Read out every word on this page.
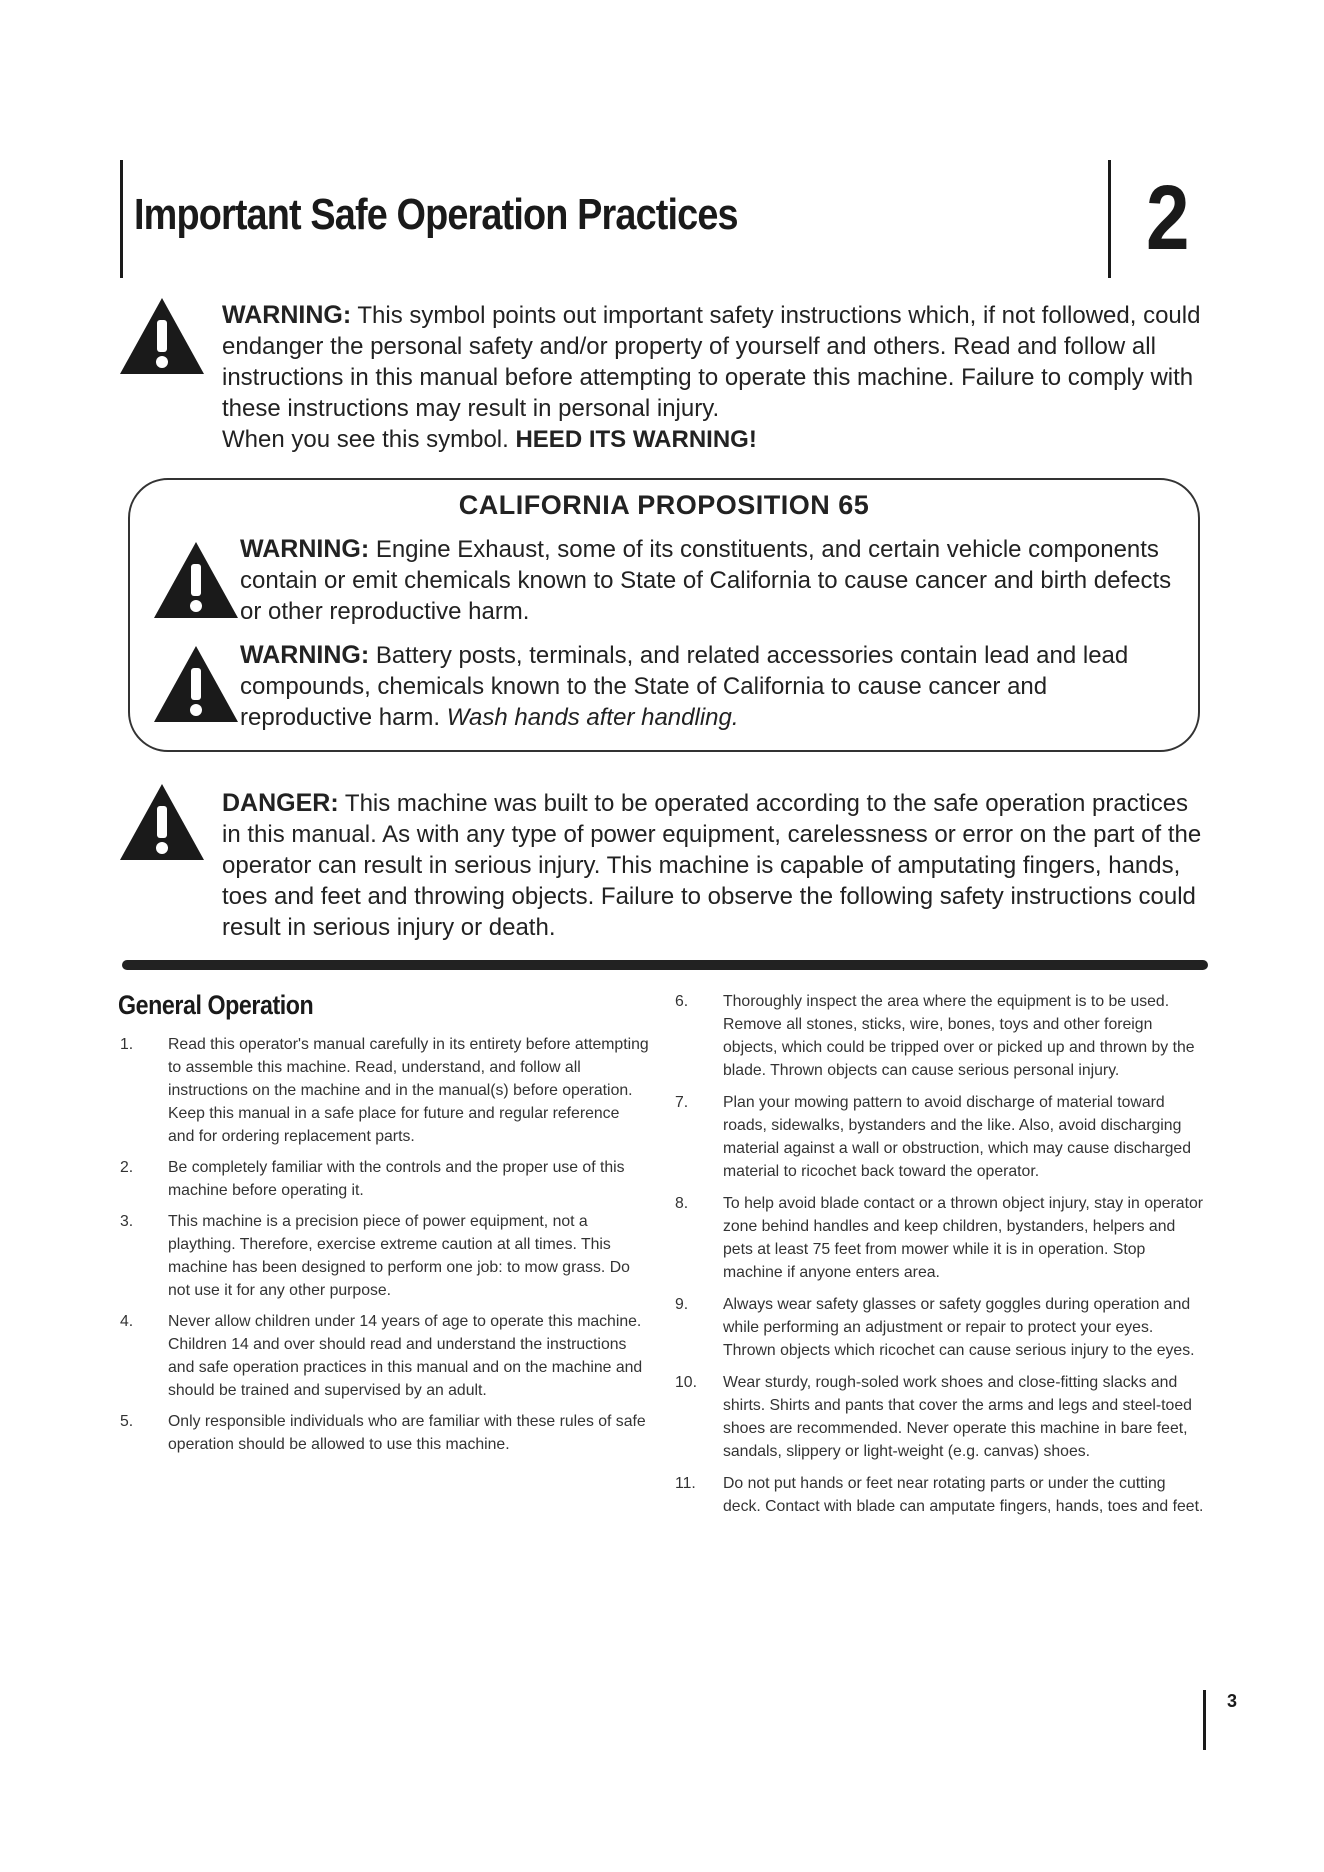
Important Safe Operation Practices	2
WARNING: This symbol points out important safety instructions which, if not followed, could endanger the personal safety and/or property of yourself and others. Read and follow all instructions in this manual before attempting to operate this machine. Failure to comply with these instructions may result in personal injury.
When you see this symbol. HEED ITS WARNING!
CALIFORNIA PROPOSITION 65
WARNING: Engine Exhaust, some of its constituents, and certain vehicle components contain or emit chemicals known to State of California to cause cancer and birth defects or other reproductive harm.
WARNING: Battery posts, terminals, and related accessories contain lead and lead compounds, chemicals known to the State of California to cause cancer and reproductive harm. Wash hands after handling.
DANGER: This machine was built to be operated according to the safe operation practices in this manual. As with any type of power equipment, carelessness or error on the part of the operator can result in serious injury. This machine is capable of amputating fingers, hands, toes and feet and throwing objects. Failure to observe the following safety instructions could result in serious injury or death.
General Operation
1.	Read this operator's manual carefully in its entirety before attempting to assemble this machine. Read, understand, and follow all instructions on the machine and in the manual(s) before operation. Keep this manual in a safe place for future and regular reference and for ordering replacement parts.
2.	Be completely familiar with the controls and the proper use of this machine before operating it.
3.	This machine is a precision piece of power equipment, not a plaything. Therefore, exercise extreme caution at all times. This machine has been designed to perform one job: to mow grass. Do not use it for any other purpose.
4.	Never allow children under 14 years of age to operate this machine. Children 14 and over should read and understand the instructions and safe operation practices in this manual and on the machine and should be trained and supervised by an adult.
5.	Only responsible individuals who are familiar with these rules of safe operation should be allowed to use this machine.
6.	Thoroughly inspect the area where the equipment is to be used. Remove all stones, sticks, wire, bones, toys and other foreign objects, which could be tripped over or picked up and thrown by the blade. Thrown objects can cause serious personal injury.
7.	Plan your mowing pattern to avoid discharge of material toward roads, sidewalks, bystanders and the like. Also, avoid discharging material against a wall or obstruction, which may cause discharged material to ricochet back toward the operator.
8.	To help avoid blade contact or a thrown object injury, stay in operator zone behind handles and keep children, bystanders, helpers and pets at least 75 feet from mower while it is in operation. Stop machine if anyone enters area.
9.	Always wear safety glasses or safety goggles during operation and while performing an adjustment or repair to protect your eyes. Thrown objects which ricochet can cause serious injury to the eyes.
10.	Wear sturdy, rough-soled work shoes and close-fitting slacks and shirts. Shirts and pants that cover the arms and legs and steel-toed shoes are recommended. Never operate this machine in bare feet, sandals, slippery or light-weight (e.g. canvas) shoes.
11.	Do not put hands or feet near rotating parts or under the cutting deck. Contact with blade can amputate fingers, hands, toes and feet.
3
